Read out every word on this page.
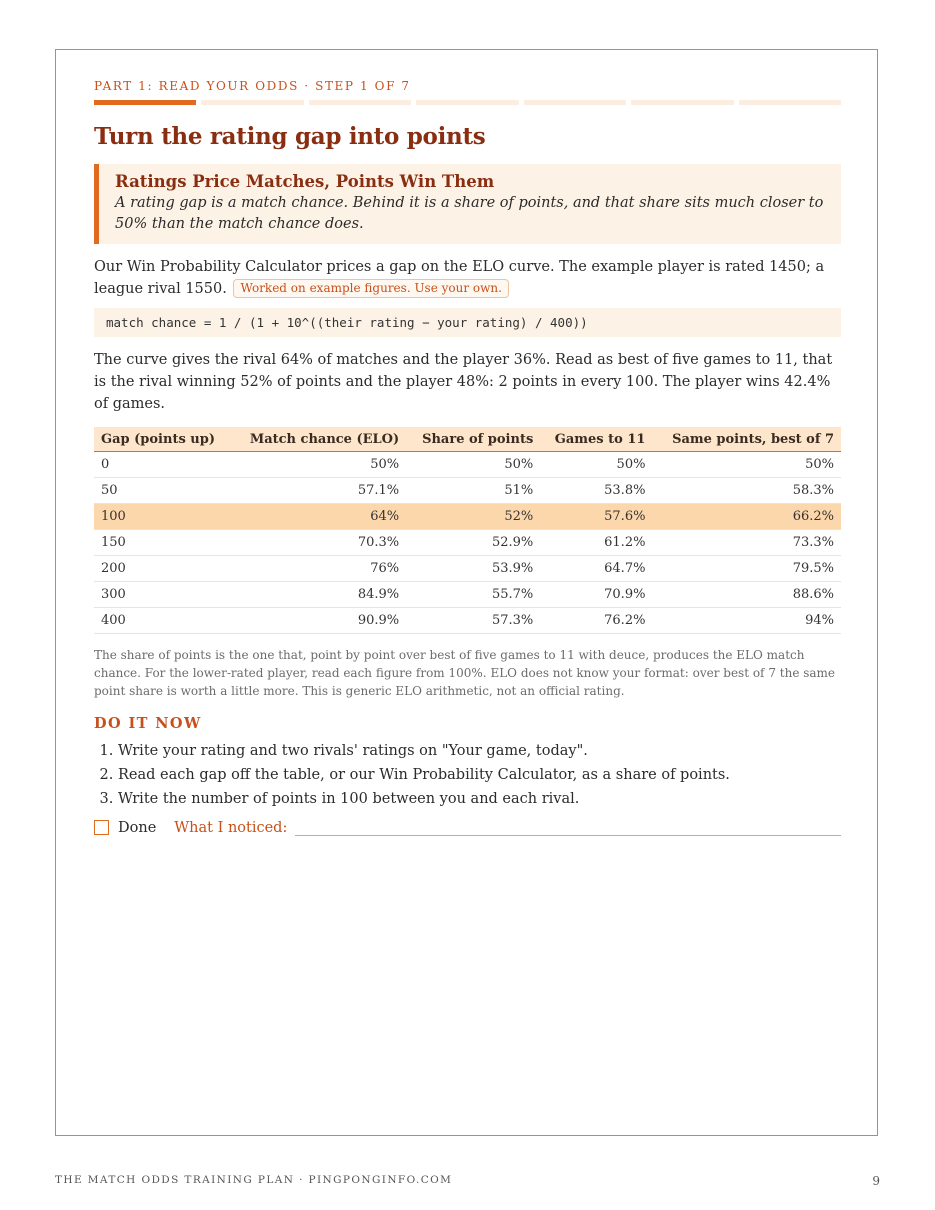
PART 1: READ YOUR ODDS · STEP 1 OF 7
Turn the rating gap into points
Ratings Price Matches, Points Win Them
A rating gap is a match chance. Behind it is a share of points, and that share sits much closer to 50% than the match chance does.
Our Win Probability Calculator prices a gap on the ELO curve. The example player is rated 1450; a league rival 1550. Worked on example figures. Use your own.
match chance = 1 / (1 + 10^((their rating − your rating) / 400))
The curve gives the rival 64% of matches and the player 36%. Read as best of five games to 11, that is the rival winning 52% of points and the player 48%: 2 points in every 100. The player wins 42.4% of games.
Gap (points up)	Match chance (ELO)	Share of points	Games to 11	Same points, best of 7
0	50%	50%	50%	50%
50	57.1%	51%	53.8%	58.3%
100	64%	52%	57.6%	66.2%
150	70.3%	52.9%	61.2%	73.3%
200	76%	53.9%	64.7%	79.5%
300	84.9%	55.7%	70.9%	88.6%
400	90.9%	57.3%	76.2%	94%
The share of points is the one that, point by point over best of five games to 11 with deuce, produces the ELO match chance. For the lower-rated player, read each figure from 100%. ELO does not know your format: over best of 7 the same point share is worth a little more. This is generic ELO arithmetic, not an official rating.
DO IT NOW
1. Write your rating and two rivals' ratings on "Your game, today".
2. Read each gap off the table, or our Win Probability Calculator, as a share of points.
3. Write the number of points in 100 between you and each rival.
Done What I noticed:
THE MATCH ODDS TRAINING PLAN · PINGPONGINFO.COM	9
